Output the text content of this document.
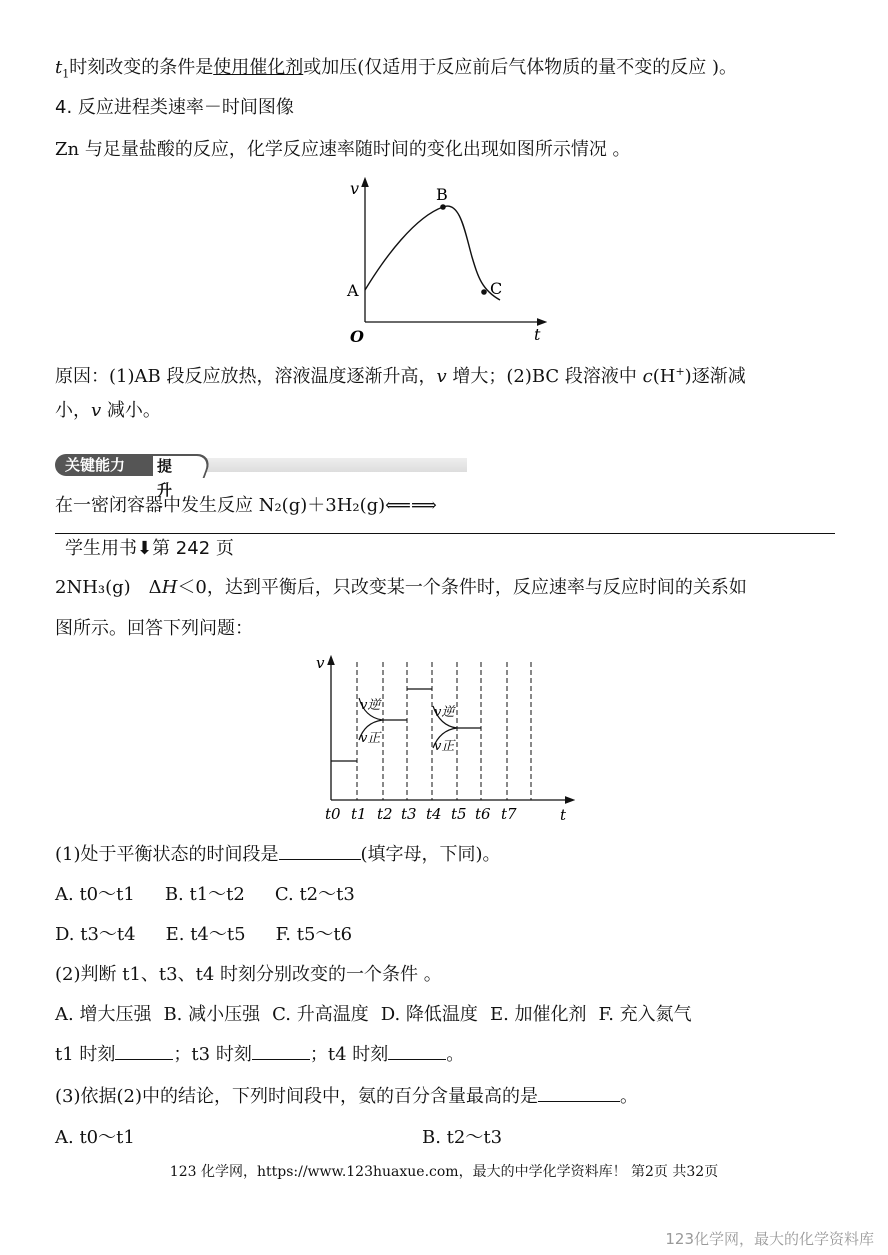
$t_1$时刻改变的条件是使用催化剂或加压(仅适用于反应前后气体物质的量不变的反应 )。
4. 反应进程类速率－时间图像
Zn 与足量盐酸的反应，化学反应速率随时间的变化出现如图所示情况 。
v
t
O
A
B
C
原因：(1)AB 段反应放热，溶液温度逐渐升高，v 增大；(2)BC 段溶液中 c(H+)逐渐减
小，v 减小。
关键能力	提升
在一密闭容器中发生反应 N₂(g)＋3H₂(g)⟸⟹
学生用书⬇第 242 页
2NH₃(g)　ΔH＜0，达到平衡后，只改变某一个条件时，反应速率与反应时间的关系如
图所示。回答下列问题：
v
t
v逆
v正
v逆
v正
t0 t1 t2 t3 t4 t5 t6 t7
(1)处于平衡状态的时间段是	(填字母，下同)。
A. t0～t1 B. t1～t2 C. t2～t3
D. t3～t4 E. t4～t5 F. t5～t6
(2)判断 t1、t3、t4 时刻分别改变的一个条件 。
A. 增大压强 B. 减小压强 C. 升高温度 D. 降低温度 E. 加催化剂 F. 充入氮气
t1 时刻	；t3 时刻	；t4 时刻	。
(3)依据(2)中的结论，下列时间段中，氨的百分含量最高的是	。
A. t0～t1	B. t2～t3
123 化学网，https://www.123huaxue.com，最大的中学化学资料库！ 第2页 共32页
123化学网，最大的化学资料库
